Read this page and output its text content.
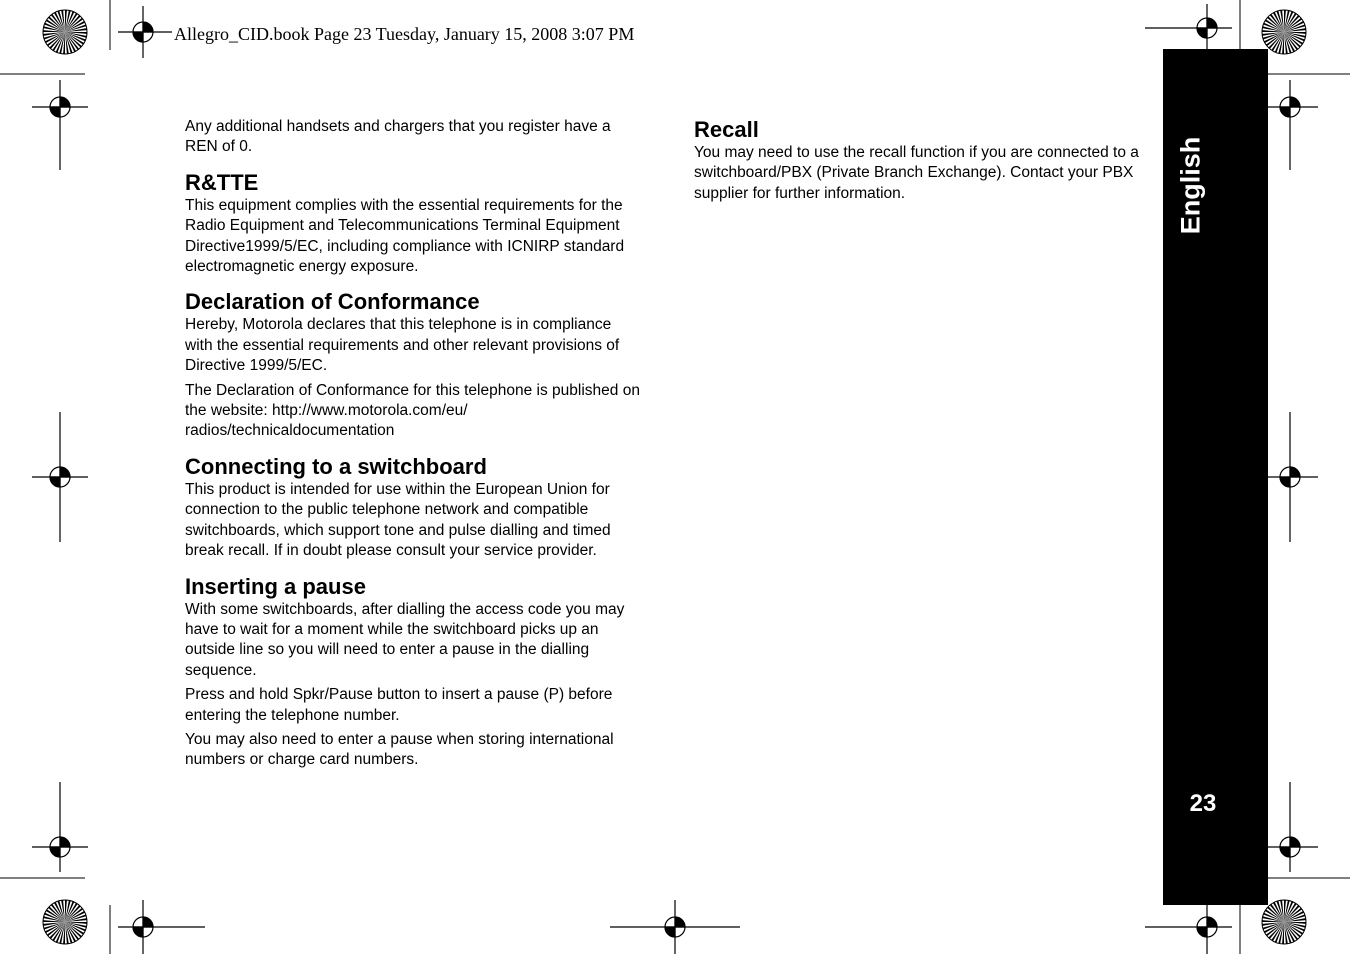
Allegro_CID.book Page 23 Tuesday, January 15, 2008 3:07 PM

Any additional handsets and chargers that you register have a REN of 0.

R&TTE

This equipment complies with the essential requirements for the Radio Equipment and Telecommunications Terminal Equipment Directive1999/5/EC, including compliance with ICNIRP standard electromagnetic energy exposure.

Declaration of Conformance

Hereby, Motorola declares that this telephone is in compliance with the essential requirements and other relevant provisions of Directive 1999/5/EC.

The Declaration of Conformance for this telephone is published on the website: http://www.motorola.com/eu/ radios/technicaldocumentation

Connecting to a switchboard

This product is intended for use within the European Union for connection to the public telephone network and compatible switchboards, which support tone and pulse dialling and timed break recall. If in doubt please consult your service provider.

Inserting a pause

With some switchboards, after dialling the access code you may have to wait for a moment while the switchboard picks up an outside line so you will need to enter a pause in the dialling sequence.

Press and hold Spkr/Pause button to insert a pause (P) before entering the telephone number.

You may also need to enter a pause when storing international numbers or charge card numbers.

Recall

You may need to use the recall function if you are connected to a switchboard/PBX (Private Branch Exchange). Contact your PBX supplier for further information.	English
23
